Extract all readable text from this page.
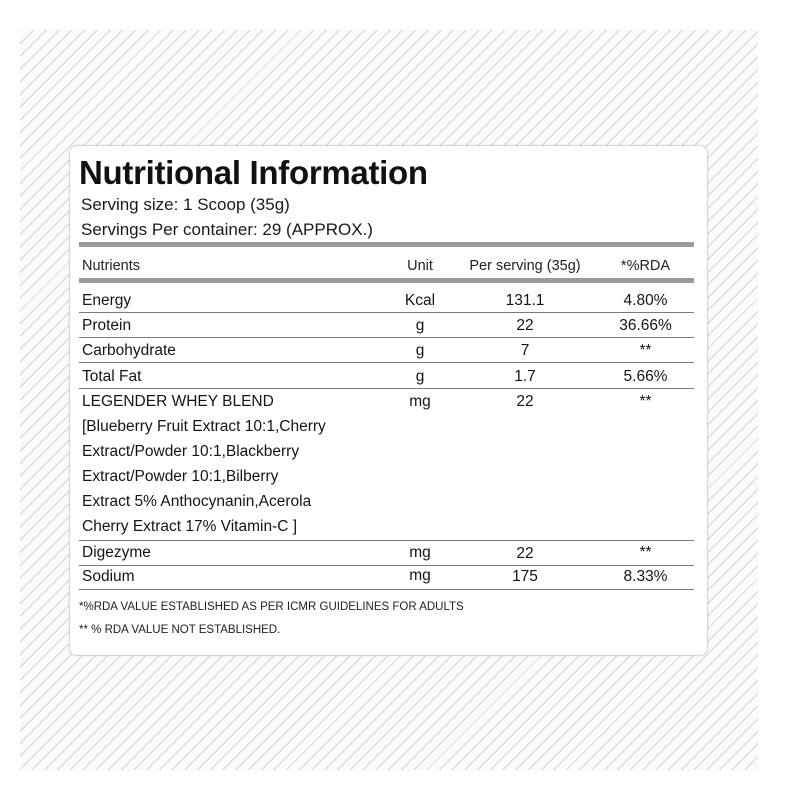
Nutritional Information
Serving size: 1 Scoop (35g)
Servings Per container: 29 (APPROX.)
Nutrients	Unit	Per serving (35g)	*%RDA
Energy	Kcal	131.1	4.80%
Protein	g	22	36.66%
Carbohydrate	g	7	**
Total Fat	g	1.7	5.66%
LEGENDER WHEY BLEND	mg	22	**
[Blueberry Fruit Extract 10:1,Cherry
Extract/Powder 10:1,Blackberry
Extract/Powder 10:1,Bilberry
Extract 5% Anthocynanin,Acerola
Cherry Extract 17% Vitamin-C ]
Digezyme	mg	22	**
Sodium	mg	175	8.33%
*%RDA VALUE ESTABLISHED AS PER ICMR GUIDELINES FOR ADULTS
** % RDA VALUE NOT ESTABLISHED.
